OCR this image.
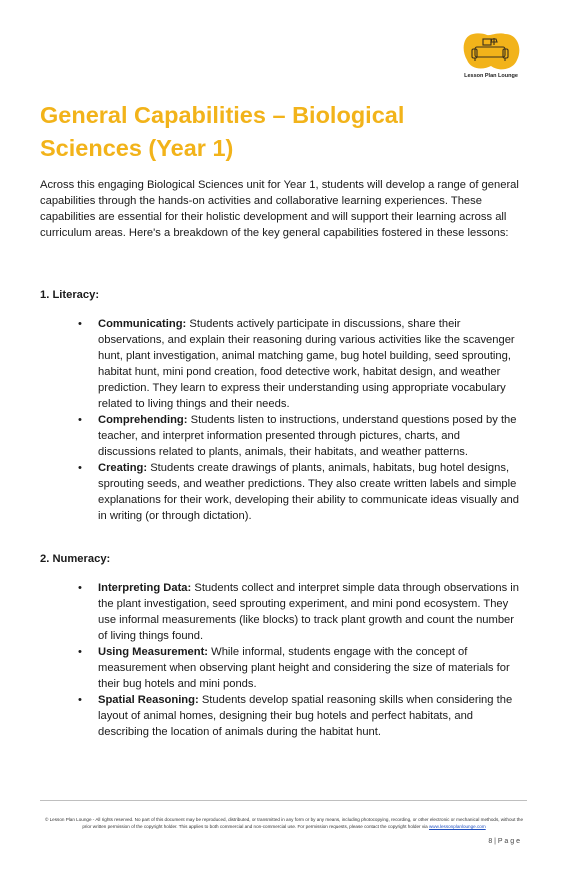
Lesson Plan Lounge
General Capabilities – Biological Sciences (Year 1)

Across this engaging Biological Sciences unit for Year 1, students will develop a range of general capabilities through the hands-on activities and collaborative learning experiences. These capabilities are essential for their holistic development and will support their learning across all curriculum areas. Here's a breakdown of the key general capabilities fostered in these lessons:

1. Literacy:
• Communicating: Students actively participate in discussions, share their observations, and explain their reasoning during various activities like the scavenger hunt, plant investigation, animal matching game, bug hotel building, seed sprouting, habitat hunt, mini pond creation, food detective work, habitat design, and weather prediction. They learn to express their understanding using appropriate vocabulary related to living things and their needs.
• Comprehending: Students listen to instructions, understand questions posed by the teacher, and interpret information presented through pictures, charts, and discussions related to plants, animals, their habitats, and weather patterns.
• Creating: Students create drawings of plants, animals, habitats, bug hotel designs, sprouting seeds, and weather predictions. They also create written labels and simple explanations for their work, developing their ability to communicate ideas visually and in writing (or through dictation).
2. Numeracy:
• Interpreting Data: Students collect and interpret simple data through observations in the plant investigation, seed sprouting experiment, and mini pond ecosystem. They use informal measurements (like blocks) to track plant growth and count the number of living things found.
• Using Measurement: While informal, students engage with the concept of measurement when observing plant height and considering the size of materials for their bug hotels and mini ponds.
• Spatial Reasoning: Students develop spatial reasoning skills when considering the layout of animal homes, designing their bug hotels and perfect habitats, and describing the location of animals during the habitat hunt.
© Lesson Plan Lounge - All rights reserved. No part of this document may be reproduced, distributed, or transmitted in any form or by any means, including photocopying, recording, or other electronic or mechanical methods, without the prior written permission of the copyright holder. This applies to both commercial and non-commercial use. For permission requests, please contact the copyright holder via www.lessonplanlounge.com
8 | P a g e
